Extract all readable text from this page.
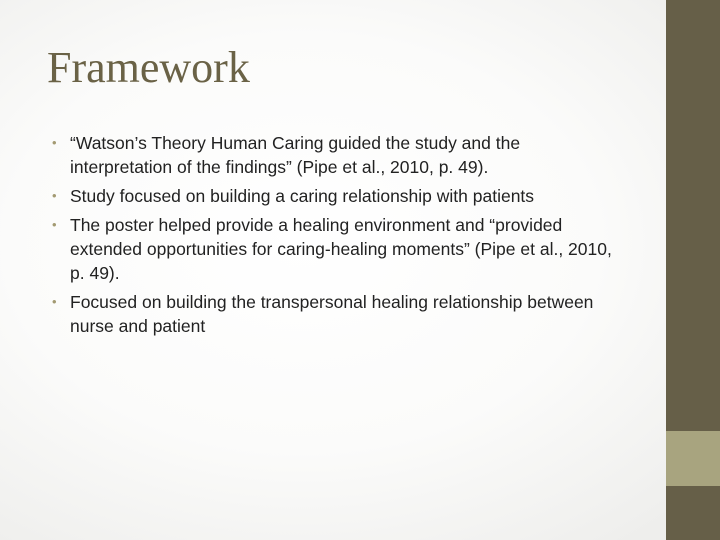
Framework
• “Watson’s Theory Human Caring guided the study and the interpretation of the findings” (Pipe et al., 2010, p. 49).
• Study focused on building a caring relationship with patients
• The poster helped provide a healing environment and “provided extended opportunities for caring-healing moments” (Pipe et al., 2010, p. 49).
• Focused on building the transpersonal healing relationship between nurse and patient
